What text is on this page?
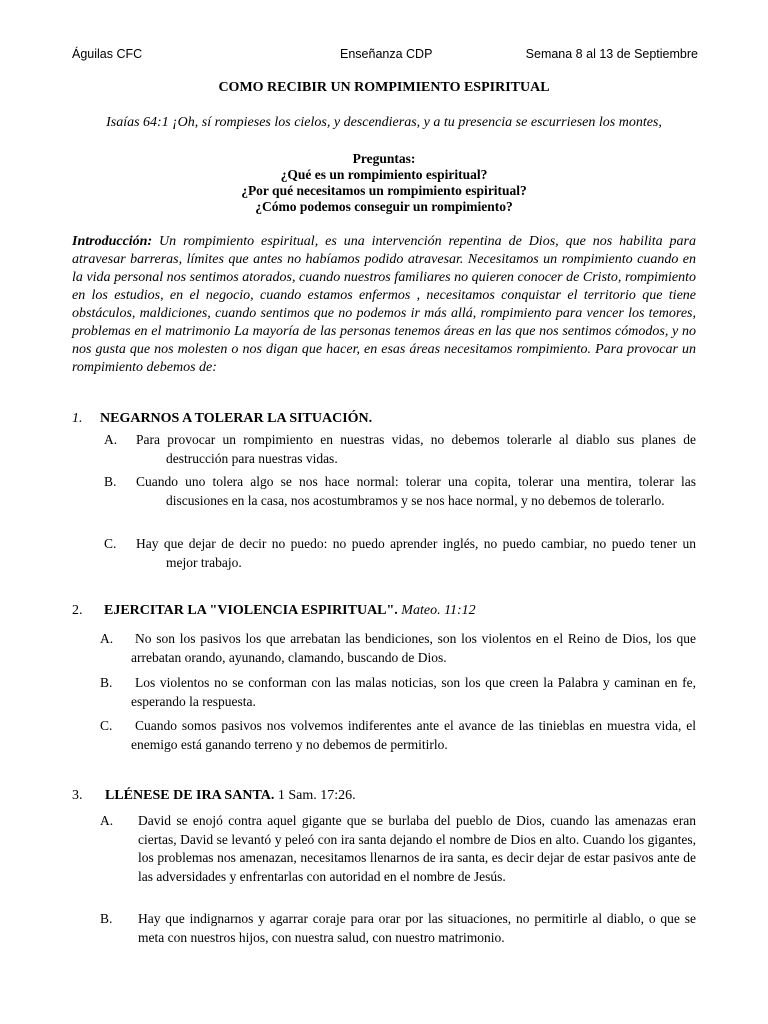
Águilas CFC	Enseñanza CDP	Semana 8 al 13 de Septiembre
COMO RECIBIR UN ROMPIMIENTO ESPIRITUAL
Isaías 64:1 ¡Oh, sí rompieses los cielos, y descendieras, y a tu presencia se escurriesen los montes,
Preguntas:
¿Qué es un rompimiento espiritual?
¿Por qué necesitamos un rompimiento espiritual?
¿Cómo podemos conseguir un rompimiento?
Introducción: Un rompimiento espiritual, es una intervención repentina de Dios, que nos habilita para atravesar barreras, límites que antes no habíamos podido atravesar. Necesitamos un rompimiento cuando en la vida personal nos sentimos atorados, cuando nuestros familiares no quieren conocer de Cristo, rompimiento en los estudios, en el negocio, cuando estamos enfermos , necesitamos conquistar el territorio que tiene obstáculos, maldiciones, cuando sentimos que no podemos ir más allá, rompimiento para vencer los temores, problemas en el matrimonio La mayoría de las personas tenemos áreas en las que nos sentimos cómodos, y no nos gusta que nos molesten o nos digan que hacer, en esas áreas necesitamos rompimiento. Para provocar un rompimiento debemos de:
1. NEGARNOS A TOLERAR LA SITUACIÓN.
A.	Para provocar un rompimiento en nuestras vidas, no debemos tolerarle al diablo sus planes de destrucción para nuestras vidas.
B.	Cuando uno tolera algo se nos hace normal: tolerar una copita, tolerar una mentira, tolerar las discusiones en la casa, nos acostumbramos y se nos hace normal, y no debemos de tolerarlo.
C.	Hay que dejar de decir no puedo: no puedo aprender inglés, no puedo cambiar, no puedo tener un mejor trabajo.
2. EJERCITAR LA "VIOLENCIA ESPIRITUAL". Mateo. 11:12
A.	No son los pasivos los que arrebatan las bendiciones, son los violentos en el Reino de Dios, los que arrebatan orando, ayunando, clamando, buscando de Dios.
B.	Los violentos no se conforman con las malas noticias, son los que creen la Palabra y caminan en fe, esperando la respuesta.
C.	Cuando somos pasivos nos volvemos indiferentes ante el avance de las tinieblas en muestra vida, el enemigo está ganando terreno y no debemos de permitirlo.
3. LLÉNESE DE IRA SANTA. 1 Sam. 17:26.
A.	David se enojó contra aquel gigante que se burlaba del pueblo de Dios, cuando las amenazas eran ciertas, David se levantó y peleó con ira santa dejando el nombre de Dios en alto. Cuando los gigantes, los problemas nos amenazan, necesitamos llenarnos de ira santa, es decir dejar de estar pasivos ante de las adversidades y enfrentarlas con autoridad en el nombre de Jesús.
B.	Hay que indignarnos y agarrar coraje para orar por las situaciones, no permitirle al diablo, o que se meta con nuestros hijos, con nuestra salud, con nuestro matrimonio.
